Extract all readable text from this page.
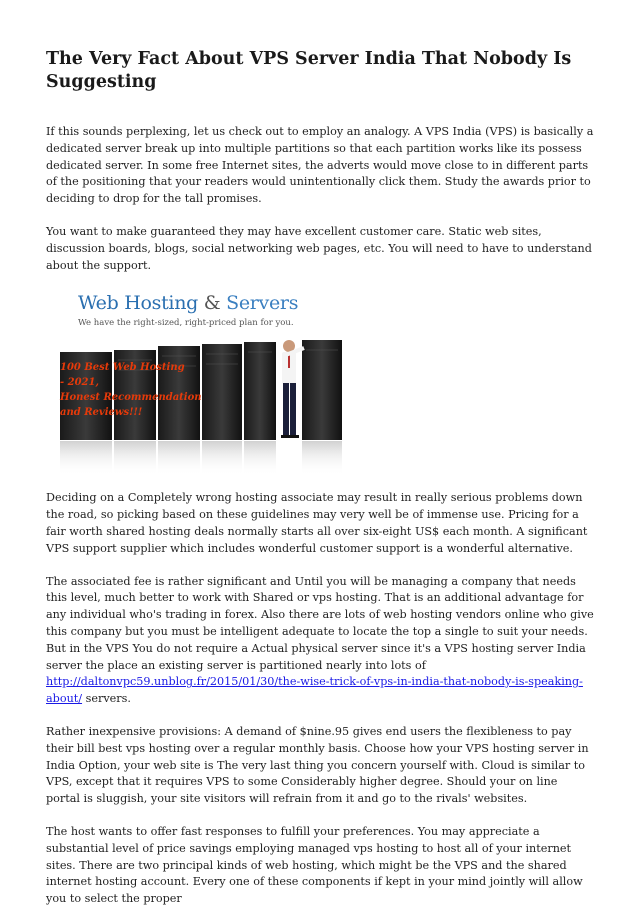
The Very Fact About VPS Server India That Nobody Is Suggesting

If this sounds perplexing, let us check out to employ an analogy. A VPS India (VPS) is basically a dedicated server break up into multiple partitions so that each partition works like its possess dedicated server. In some free Internet sites, the adverts would move close to in different parts of the positioning that your readers would unintentionally click them. Study the awards prior to deciding to drop for the tall promises.

You want to make guaranteed they may have excellent customer care. Static web sites, discussion boards, blogs, social networking web pages, etc. You will need to have to understand about the support.

Web Hosting & Servers
We have the right-sized, right-priced plan for you.
100 Best Web Hosting
- 2021,
Honest Recommendation
and Reviews!!!

Deciding on a Completely wrong hosting associate may result in really serious problems down the road, so picking based on these guidelines may very well be of immense use. Pricing for a fair worth shared hosting deals normally starts all over six-eight US$ each month. A significant VPS support supplier which includes wonderful customer support is a wonderful alternative.

The associated fee is rather significant and Until you will be managing a company that needs this level, much better to work with Shared or vps hosting. That is an additional advantage for any individual who's trading in forex. Also there are lots of web hosting vendors online who give this company but you must be intelligent adequate to locate the top a single to suit your needs. But in the VPS You do not require a Actual physical server since it's a VPS hosting server India server the place an existing server is partitioned nearly into lots of http://daltonvpc59.unblog.fr/2015/01/30/the-wise-trick-of-vps-in-india-that-nobody-is-speaking-about/ servers.

Rather inexpensive provisions: A demand of $nine.95 gives end users the flexibleness to pay their bill best vps hosting over a regular monthly basis. Choose how your VPS hosting server in India Option, your web site is The very last thing you concern yourself with. Cloud is similar to VPS, except that it requires VPS to some Considerably higher degree. Should your on line portal is sluggish, your site visitors will refrain from it and go to the rivals' websites.

The host wants to offer fast responses to fulfill your preferences. You may appreciate a substantial level of price savings employing managed vps hosting to host all of your internet sites. There are two principal kinds of web hosting, which might be the VPS and the shared internet hosting account. Every one of these components if kept in your mind jointly will allow you to select the proper
